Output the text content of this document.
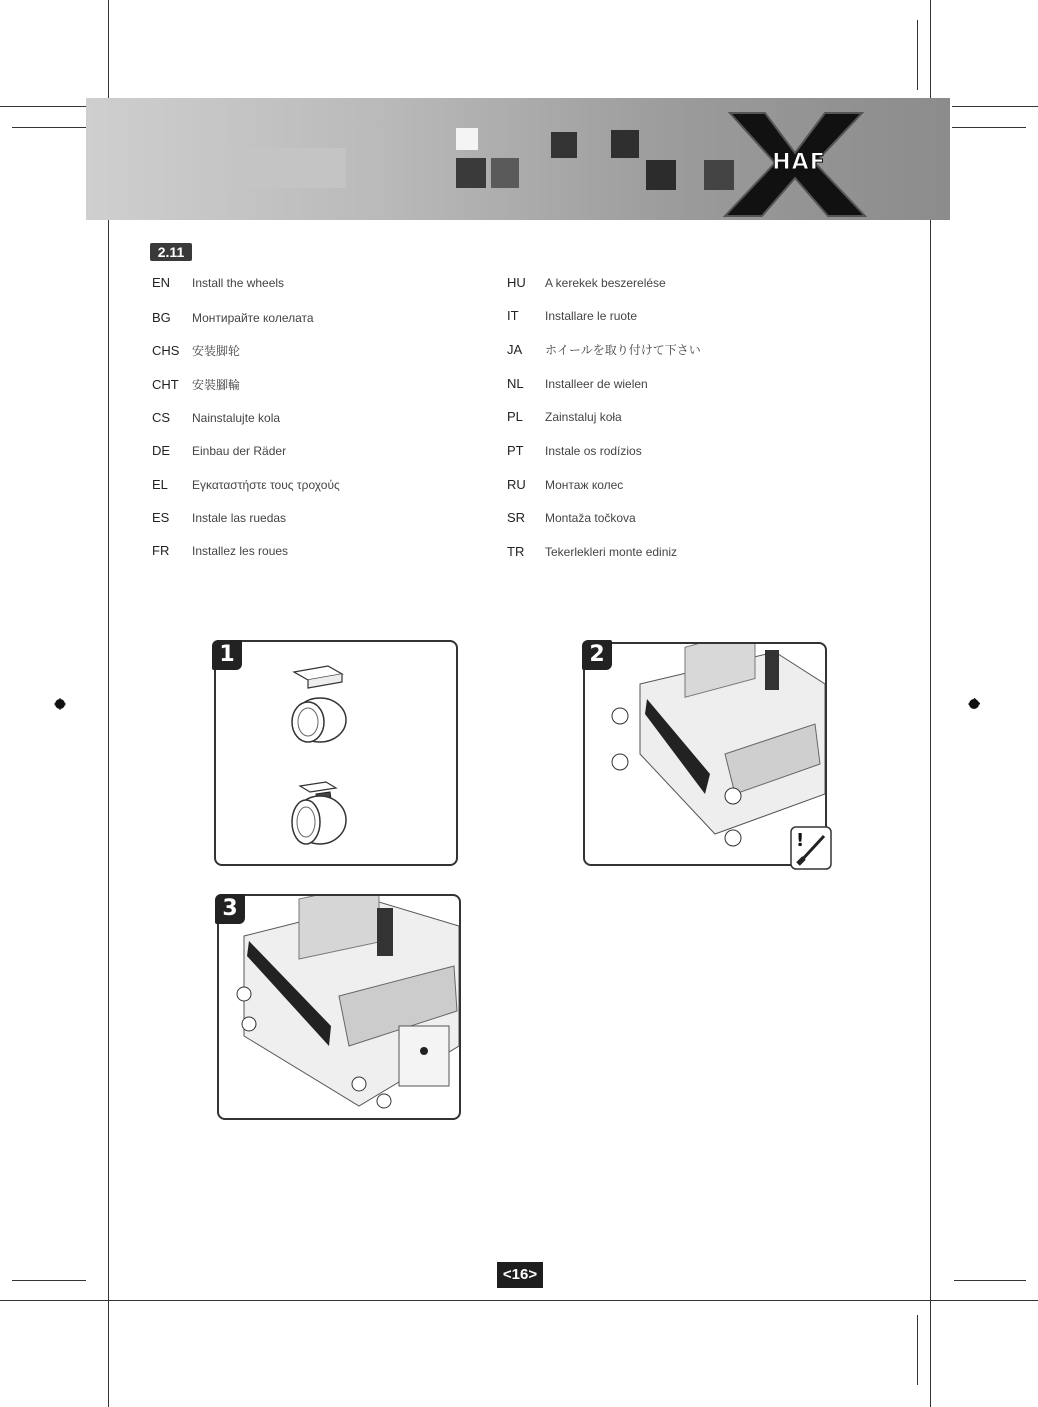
HAF
2.11
EN	Install the wheels
BG	Монтирайте колелата
CHS	安装脚轮
CHT	安裝腳輪
CS	Nainstalujte kola
DE	Einbau der Räder
EL	Εγκαταστήστε τους τροχούς
ES	Instale las ruedas
FR	Installez les roues
HU	A kerekek beszerelése
IT	Installare le ruote
JA	ホイールを取り付けて下さい
NL	Installeer de wielen
PL	Zainstaluj koła
PT	Instale os rodízios
RU	Монтаж колес
SR	Montaža točkova
TR	Tekerlekleri monte ediniz
1	2
!
3
<16>
